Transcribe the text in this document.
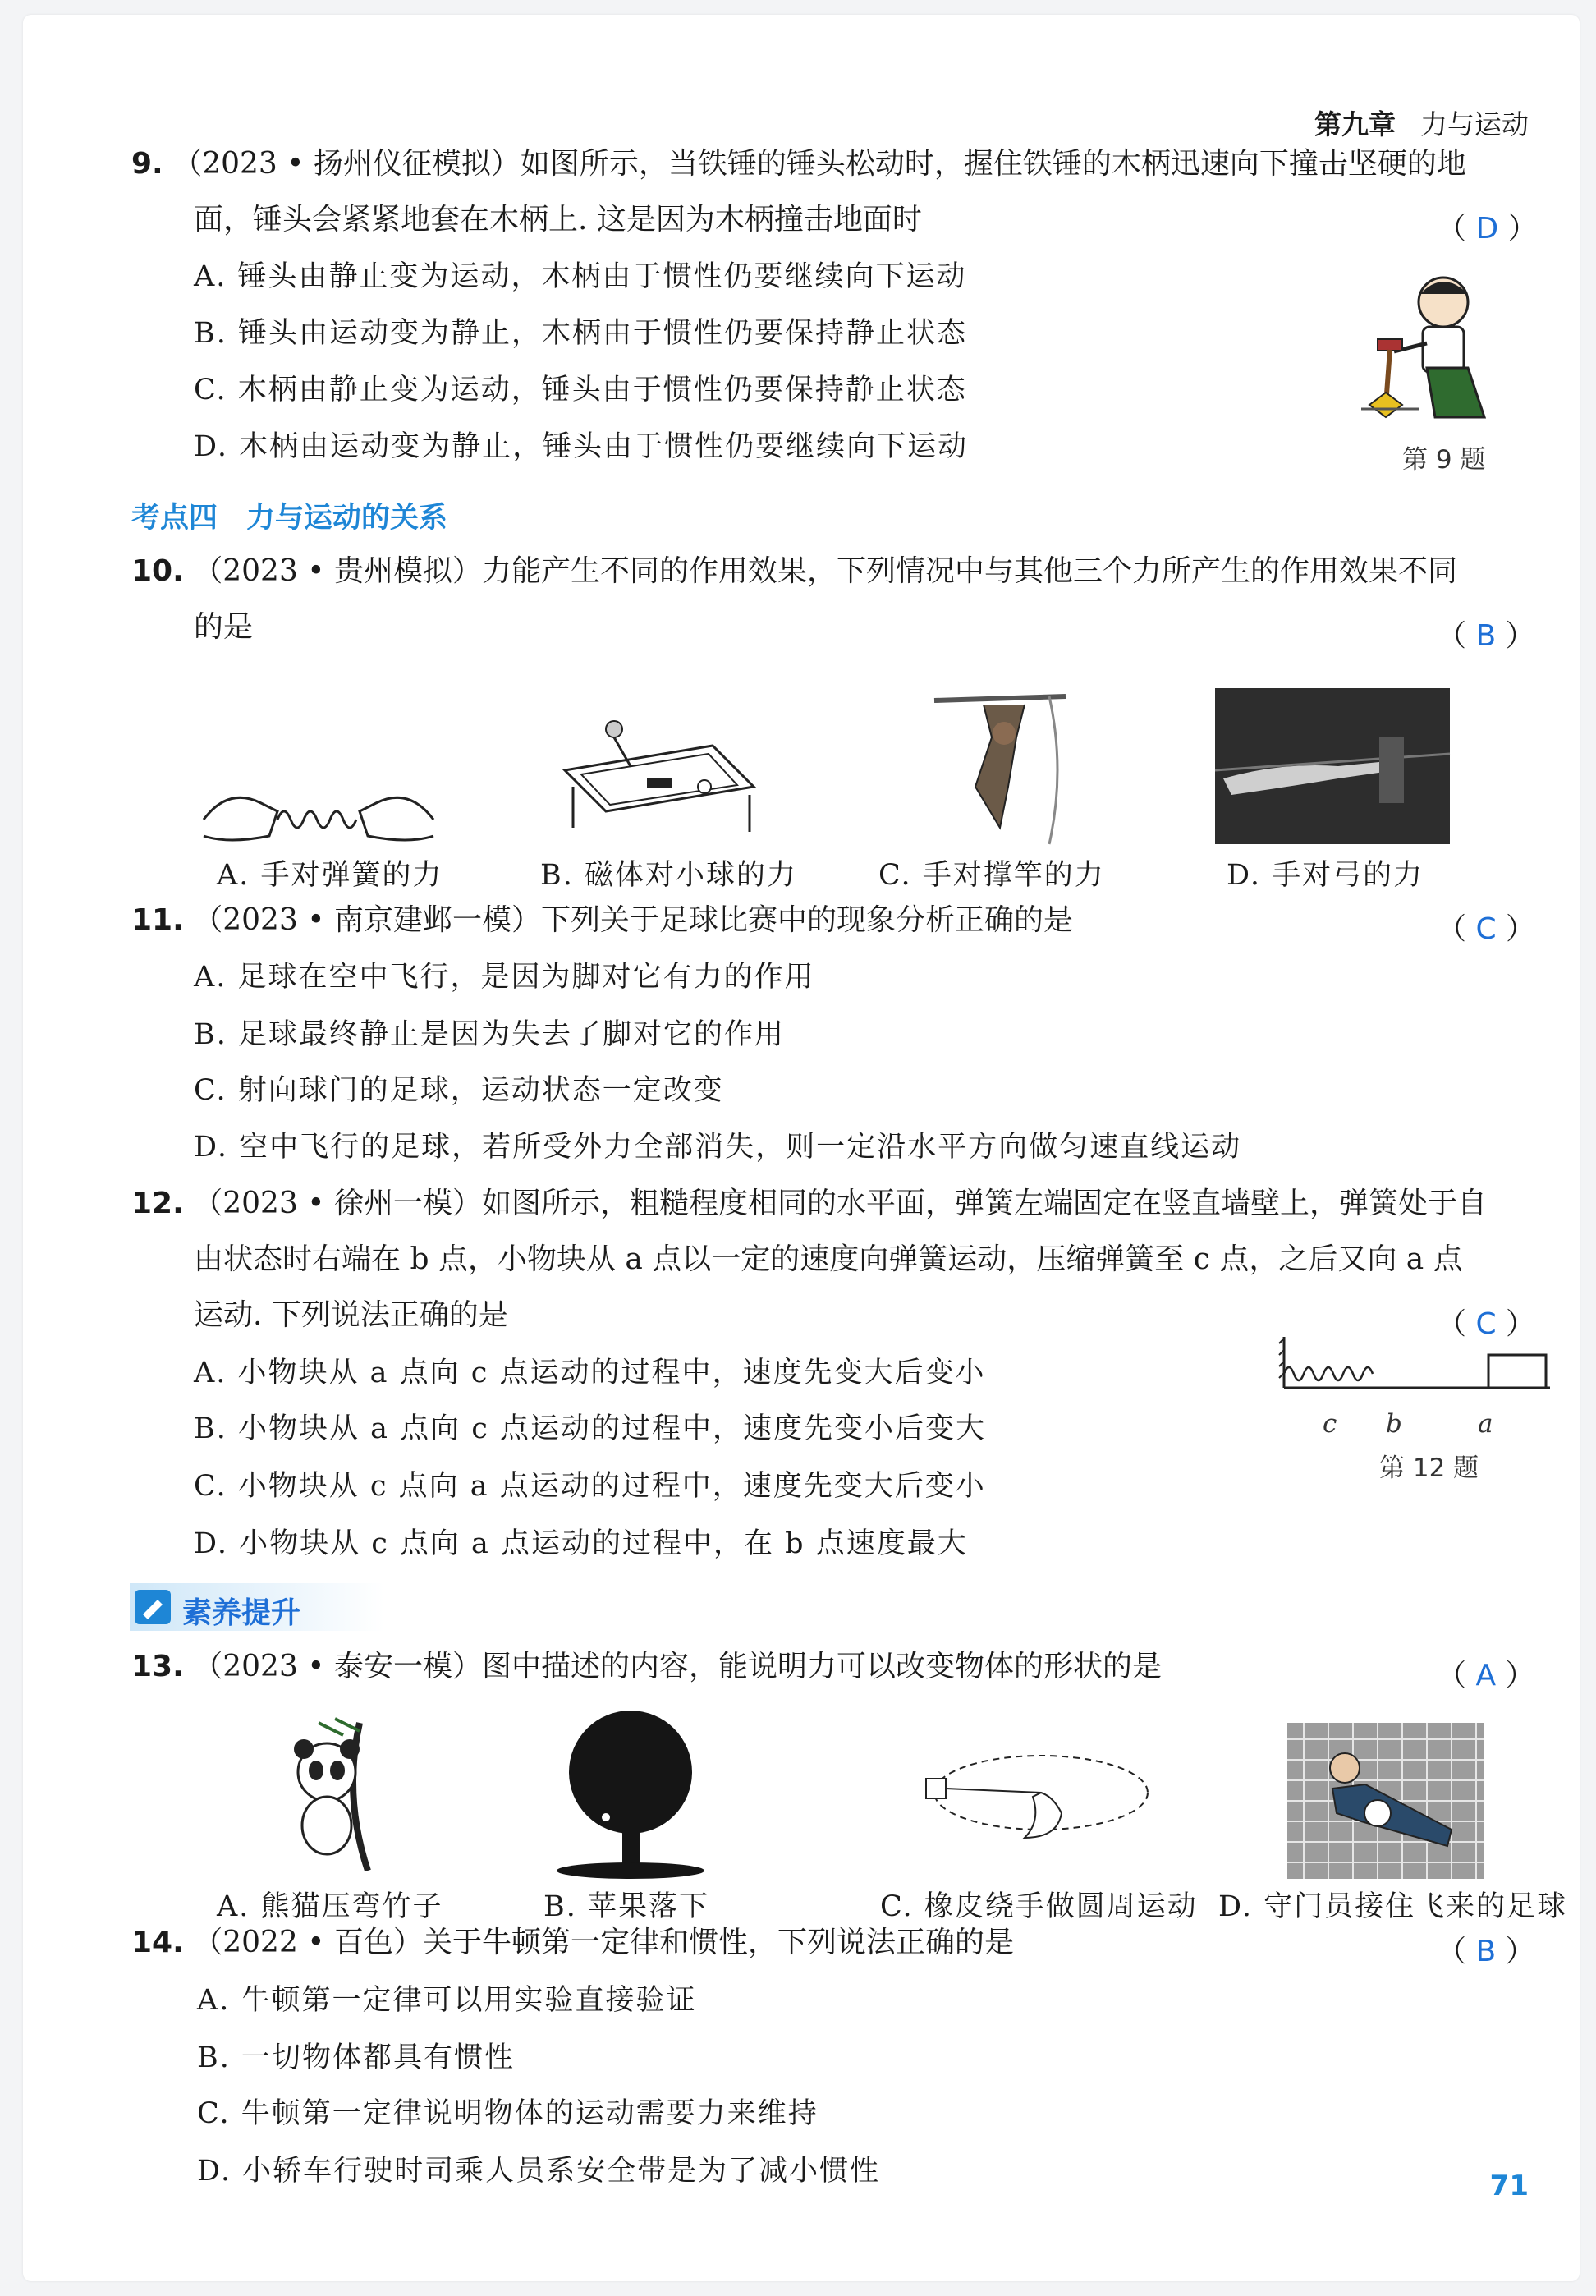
第九章 力与运动
9. （2023 • 扬州仪征模拟）如图所示，当铁锤的锤头松动时，握住铁锤的木柄迅速向下撞击坚硬的地
面，锤头会紧紧地套在木柄上. 这是因为木柄撞击地面时	（ D ）
A. 锤头由静止变为运动，木柄由于惯性仍要继续向下运动
B. 锤头由运动变为静止，木柄由于惯性仍要保持静止状态
C. 木柄由静止变为运动，锤头由于惯性仍要保持静止状态
D. 木柄由运动变为静止，锤头由于惯性仍要继续向下运动	第 9 题
考点四　力与运动的关系
10. （2023 • 贵州模拟）力能产生不同的作用效果，下列情况中与其他三个力所产生的作用效果不同
的是	（ B ）
A. 手对弹簧的力	B. 磁体对小球的力	C. 手对撑竿的力	D. 手对弓的力
11. （2023 • 南京建邺一模）下列关于足球比赛中的现象分析正确的是	（ C ）
A. 足球在空中飞行，是因为脚对它有力的作用
B. 足球最终静止是因为失去了脚对它的作用
C. 射向球门的足球，运动状态一定改变
D. 空中飞行的足球，若所受外力全部消失，则一定沿水平方向做匀速直线运动
12. （2023 • 徐州一模）如图所示，粗糙程度相同的水平面，弹簧左端固定在竖直墙壁上，弹簧处于自
由状态时右端在 b 点，小物块从 a 点以一定的速度向弹簧运动，压缩弹簧至 c 点，之后又向 a 点
运动. 下列说法正确的是	（ C ）
A. 小物块从 a 点向 c 点运动的过程中，速度先变大后变小
B. 小物块从 a 点向 c 点运动的过程中，速度先变小后变大
C. 小物块从 c 点向 a 点运动的过程中，速度先变大后变小
D. 小物块从 c 点向 a 点运动的过程中，在 b 点速度最大
c b	a
第 12 题
素养提升
13. （2023 • 泰安一模）图中描述的内容，能说明力可以改变物体的形状的是	（ A ）
A. 熊猫压弯竹子	B. 苹果落下	C. 橡皮绕手做圆周运动 D. 守门员接住飞来的足球
14. （2022 • 百色）关于牛顿第一定律和惯性，下列说法正确的是	（ B ）
A. 牛顿第一定律可以用实验直接验证
B. 一切物体都具有惯性
C. 牛顿第一定律说明物体的运动需要力来维持
D. 小轿车行驶时司乘人员系安全带是为了减小惯性	71
